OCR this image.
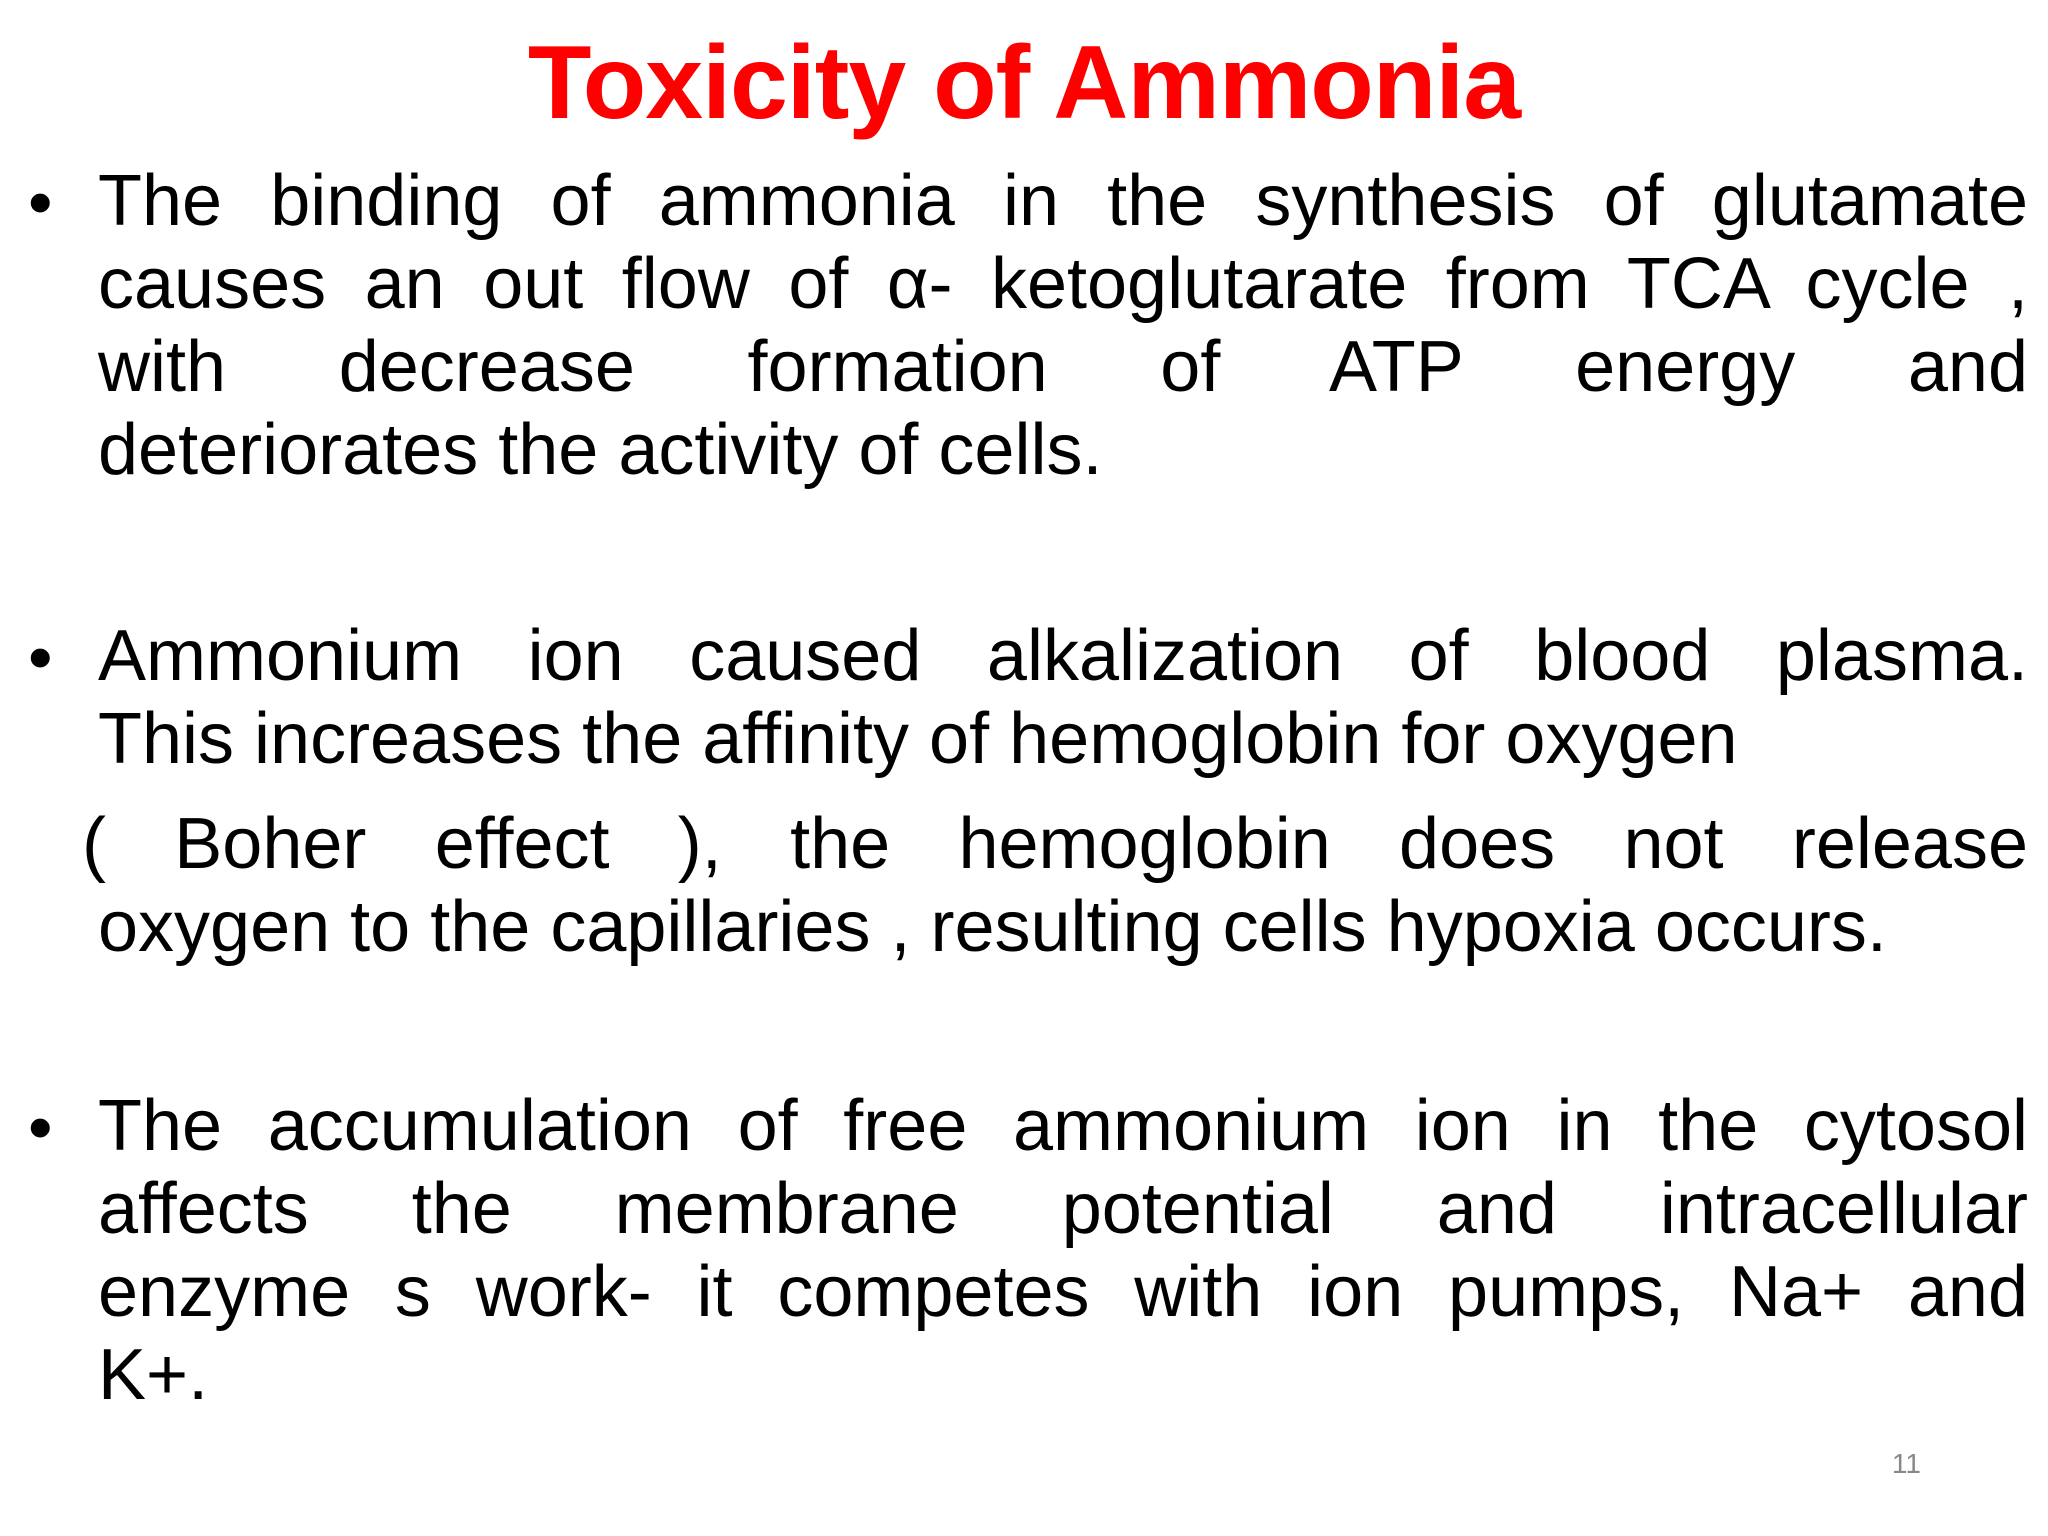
Toxicity of Ammonia
• The binding of ammonia in the synthesis of glutamate
causes an out flow of α- ketoglutarate from TCA cycle ,
with decrease formation of ATP energy and
deteriorates the activity of cells.
• Ammonium ion caused alkalization of blood plasma.
This increases the affinity of hemoglobin for oxygen
( Boher effect ), the hemoglobin does not release
oxygen to the capillaries , resulting cells hypoxia occurs.
• The accumulation of free ammonium ion in the cytosol
affects the membrane potential and intracellular
enzyme s work- it competes with ion pumps, Na+ and
K+.
11
